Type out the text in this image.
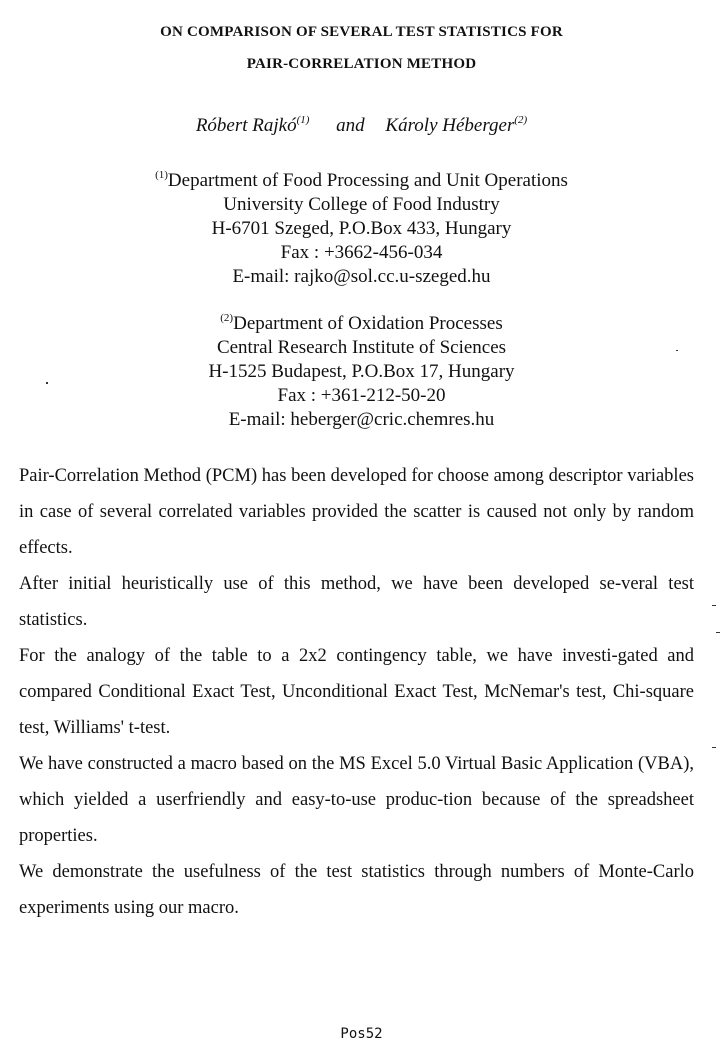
ON COMPARISON OF SEVERAL TEST STATISTICS FOR
PAIR-CORRELATION METHOD
Róbert Rajkó$^{(1)}$ and Károly Héberger$^{(2)}$
$^{(1)}$Department of Food Processing and Unit Operations
University College of Food Industry
H-6701 Szeged, P.O.Box 433, Hungary
Fax : +3662-456-034
E-mail: rajko@sol.cc.u-szeged.hu
$^{(2)}$Department of Oxidation Processes
Central Research Institute of Sciences
H-1525 Budapest, P.O.Box 17, Hungary
Fax : +361-212-50-20
E-mail: heberger@cric.chemres.hu

Pair-Correlation Method (PCM) has been developed for choose among descriptor variables in case of several correlated variables provided the scatter is caused not only by random effects.

After initial heuristically use of this method, we have been developed se-veral test statistics.

For the analogy of the table to a 2x2 contingency table, we have investi-gated and compared Conditional Exact Test, Unconditional Exact Test, McNemar's test, Chi-square test, Williams' t-test.

We have constructed a macro based on the MS Excel 5.0 Virtual Basic Application (VBA), which yielded a userfriendly and easy-to-use produc-tion because of the spreadsheet properties.

We demonstrate the usefulness of the test statistics through numbers of Monte-Carlo experiments using our macro.

Pos52
